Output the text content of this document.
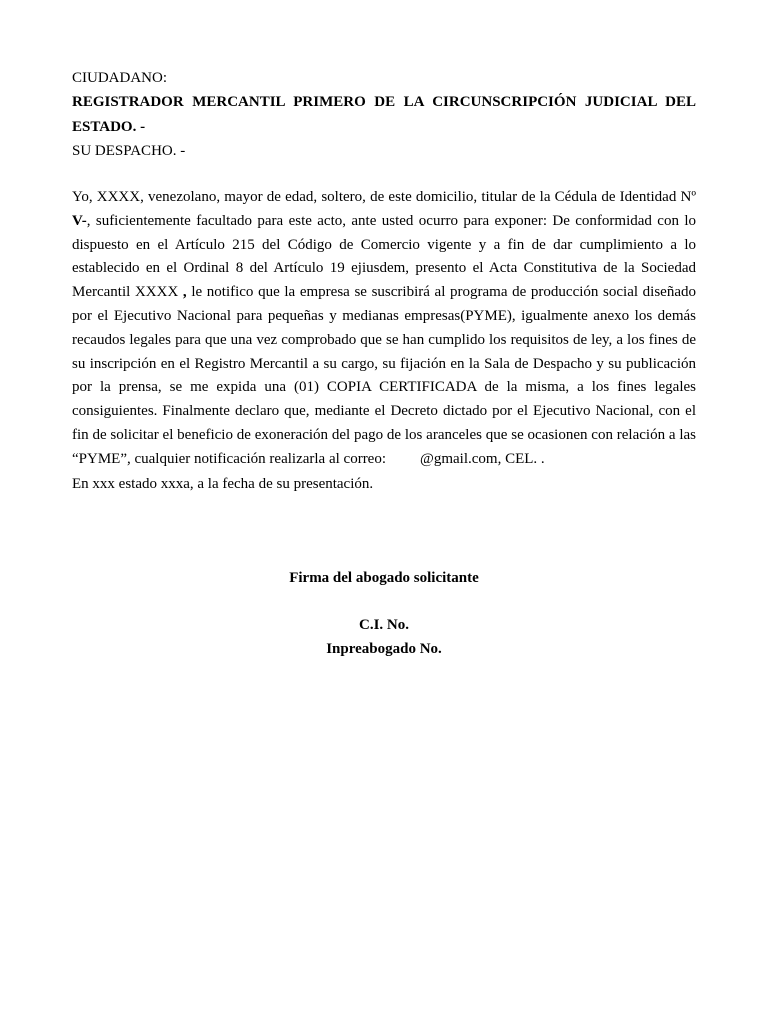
CIUDADANO:

REGISTRADOR MERCANTIL PRIMERO DE LA CIRCUNSCRIPCIÓN JUDICIAL DEL ESTADO. -

SU DESPACHO. -

Yo, XXXX, venezolano, mayor de edad, soltero, de este domicilio, titular de la Cédula de Identidad Nº V-, suficientemente facultado para este acto, ante usted ocurro para exponer: De conformidad con lo dispuesto en el Artículo 215 del Código de Comercio vigente y a fin de dar cumplimiento a lo establecido en el Ordinal 8 del Artículo 19 ejiusdem, presento el Acta Constitutiva de la Sociedad Mercantil XXXX , le notifico que la empresa se suscribirá al programa de producción social diseñado por el Ejecutivo Nacional para pequeñas y medianas empresas(PYME), igualmente anexo los demás recaudos legales para que una vez comprobado que se han cumplido los requisitos de ley, a los fines de su inscripción en el Registro Mercantil a su cargo, su fijación en la Sala de Despacho y su publicación por la prensa, se me expida una (01) COPIA CERTIFICADA de la misma, a los fines legales consiguientes. Finalmente declaro que, mediante el Decreto dictado por el Ejecutivo Nacional, con el fin de solicitar el beneficio de exoneración del pago de los aranceles que se ocasionen con relación a las “PYME”, cualquier notificación realizarla al correo: @gmail.com, CEL. .

En xxx estado xxxa, a la fecha de su presentación.

Firma del abogado solicitante
C.I. No.
Inpreabogado No.
